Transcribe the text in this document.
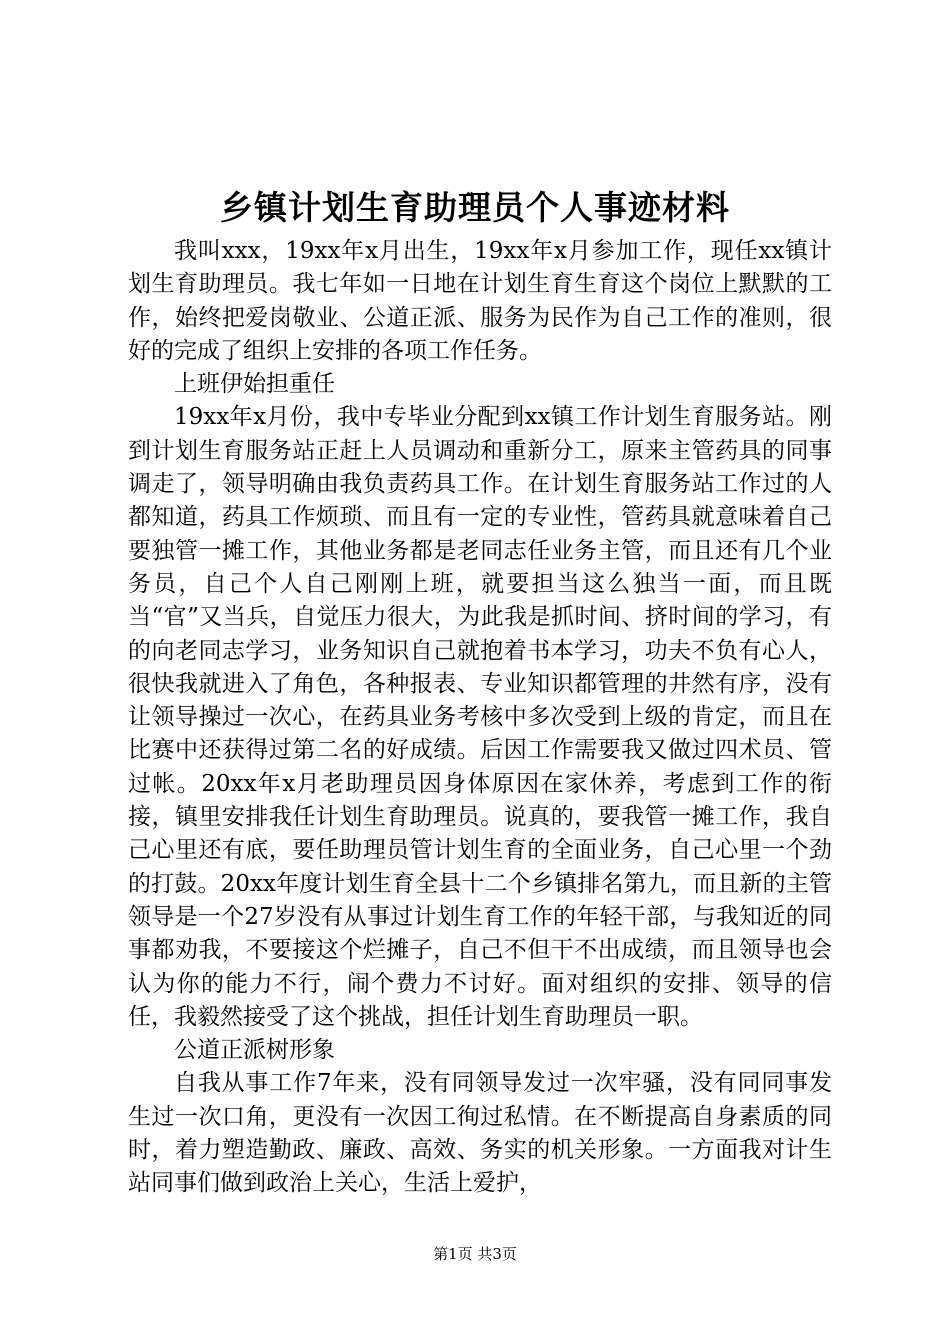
乡镇计划生育助理员个人事迹材料

我叫xxx，19xx年x月出生，19xx年x月参加工作，现任xx镇计划生育助理员。我七年如一日地在计划生育生育这个岗位上默默的工作，始终把爱岗敬业、公道正派、服务为民作为自己工作的准则，很好的完成了组织上安排的各项工作任务。

上班伊始担重任

19xx年x月份，我中专毕业分配到xx镇工作计划生育服务站。刚到计划生育服务站正赶上人员调动和重新分工，原来主管药具的同事调走了，领导明确由我负责药具工作。在计划生育服务站工作过的人都知道，药具工作烦琐、而且有一定的专业性，管药具就意味着自己要独管一摊工作，其他业务都是老同志任业务主管，而且还有几个业务员，自己个人自己刚刚上班，就要担当这么独当一面，而且既当“官”又当兵，自觉压力很大，为此我是抓时间、挤时间的学习，有的向老同志学习，业务知识自己就抱着书本学习，功夫不负有心人，很快我就进入了角色，各种报表、专业知识都管理的井然有序，没有让领导操过一次心，在药具业务考核中多次受到上级的肯定，而且在比赛中还获得过第二名的好成绩。后因工作需要我又做过四术员、管过帐。20xx年x月老助理员因身体原因在家休养，考虑到工作的衔接，镇里安排我任计划生育助理员。说真的，要我管一摊工作，我自己心里还有底，要任助理员管计划生育的全面业务，自己心里一个劲的打鼓。20xx年度计划生育全县十二个乡镇排名第九，而且新的主管领导是一个27岁没有从事过计划生育工作的年轻干部，与我知近的同事都劝我，不要接这个烂摊子，自己不但干不出成绩，而且领导也会认为你的能力不行，闹个费力不讨好。面对组织的安排、领导的信任，我毅然接受了这个挑战，担任计划生育助理员一职。

公道正派树形象

自我从事工作7年来，没有同领导发过一次牢骚，没有同同事发生过一次口角，更没有一次因工徇过私情。在不断提高自身素质的同时，着力塑造勤政、廉政、高效、务实的机关形象。一方面我对计生站同事们做到政治上关心，生活上爱护，

第1页 共3页
